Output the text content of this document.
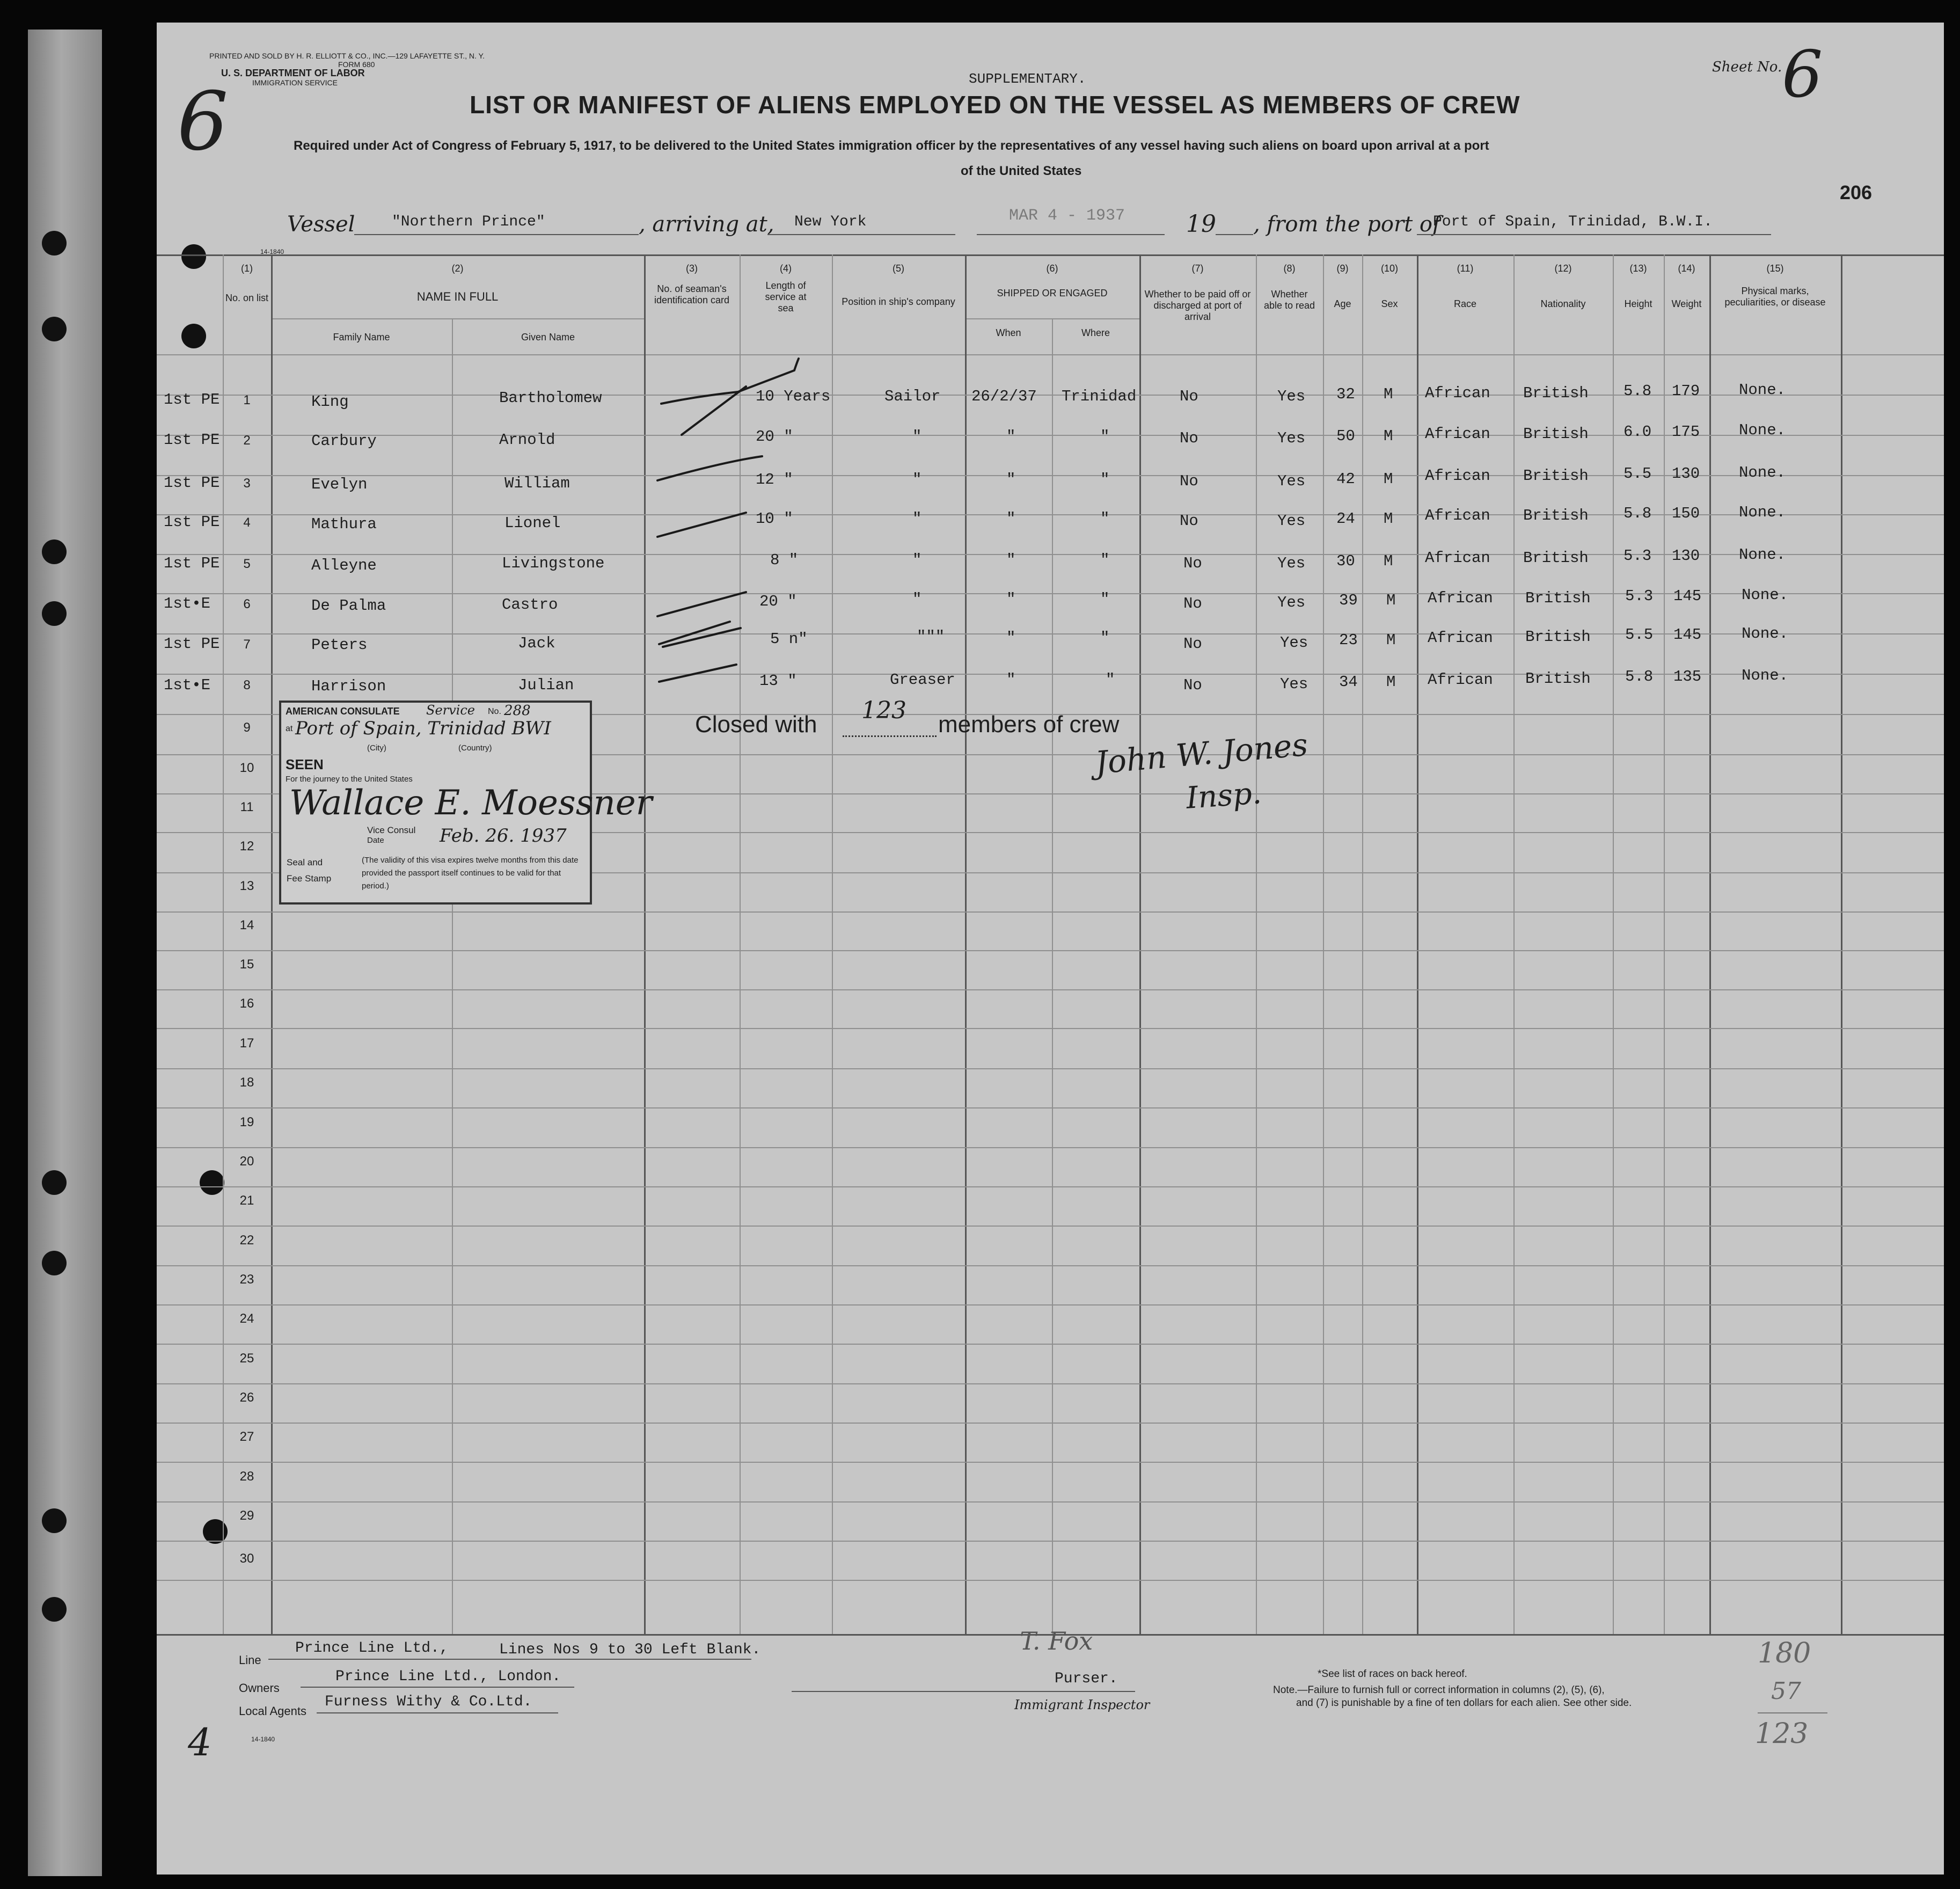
PRINTED AND SOLD BY H. R. ELLIOTT & CO., INC.—129 LAFAYETTE ST., N. Y.
FORM 680
U. S. DEPARTMENT OF LABOR
IMMIGRATION SERVICE	SUPPLEMENTARY.
6	LIST OR MANIFEST OF ALIENS EMPLOYED ON THE VESSEL AS MEMBERS OF CREW
Required under Act of Congress of February 5, 1917, to be delivered to the United States immigration officer by the representatives of any vessel having such aliens on board upon arrival at a port
of the United States
Sheet No. 6
206
Vessel "Northern Prince"	, arriving at, New York	MAR 4 - 1937	19 , from the port of
Port of Spain, Trinidad, B.W.I.
14-1840
(1)
No. on list
(2)
NAME IN FULL
Family Name	Given Name
(3)
No. of seaman's identification card
(4)
Length of service at sea
(5)
Position in ship's company
(6)
SHIPPED OR ENGAGED
When	Where
(7)
Whether to be paid off or discharged at port of arrival
(8)
Whether able to read
(9)
Age
(10)
Sex
(11)
Race
(12)
Nationality
(13)
Height
(14)
Weight
(15)
Physical marks, peculiarities, or disease
1st PE	1	King	Bartholomew	10 Years	Sailor 26/2/37 Trinidad	No	Yes 32 M African British 5.8 179	None.
1st PE	2	Carbury	Arnold	20 "	"	"	"	No	Yes 50 M African British 6.0 175	None.
1st PE	3	Evelyn	William	12 "	"	"	"	No	Yes 42 M African British 5.5 130	None.
1st PE	4	Mathura	Lionel	10 "	"	"	"	No	Yes 24 M African British 5.8 150	None.
1st PE	5	Alleyne	Livingstone	8 "	"	"	"	No	Yes 30 M African British 5.3 130	None.
1st•E	6	De Palma	Castro	20 "	"	"	"	No	Yes 39 M African British 5.3 145	None.
1st PE	7	Peters	Jack	5 n"	"""	"	"	No	Yes 23 M African British 5.5 145	None.
1st•E	8	Harrison	Julian	13 "	Greaser	"	"	No	Yes 34 M African British 5.8 135	None.
9
10
11
12
13
14
15
16
17
18
19
20
21
22
23
24
25
26
27
28
29
30
Closed with
123
members of crew
John W. Jones
Insp.
AMERICAN CONSULATE Service No. 288
at Port of Spain, Trinidad BWI
(City)	(Country)
SEEN
For the journey to the United States
Wallace E. Moessner
Vice Consul
Date	Feb. 26. 1937
Seal and
Fee Stamp
(The validity of this visa expires twelve months from this date provided the passport itself continues to be valid for that period.)
Line
Prince Line Ltd.,	Lines Nos 9 to 30 Left Blank.
Owners
Prince Line Ltd., London.
Local Agents
Furness Withy & Co.Ltd.
T. Fox
Purser.
Immigrant Inspector
*See list of races on back hereof.
Note.—Failure to furnish full or correct information in columns (2), (5), (6),
and (7) is punishable by a fine of ten dollars for each alien. See other side.
180
57
123
4	14-1840
